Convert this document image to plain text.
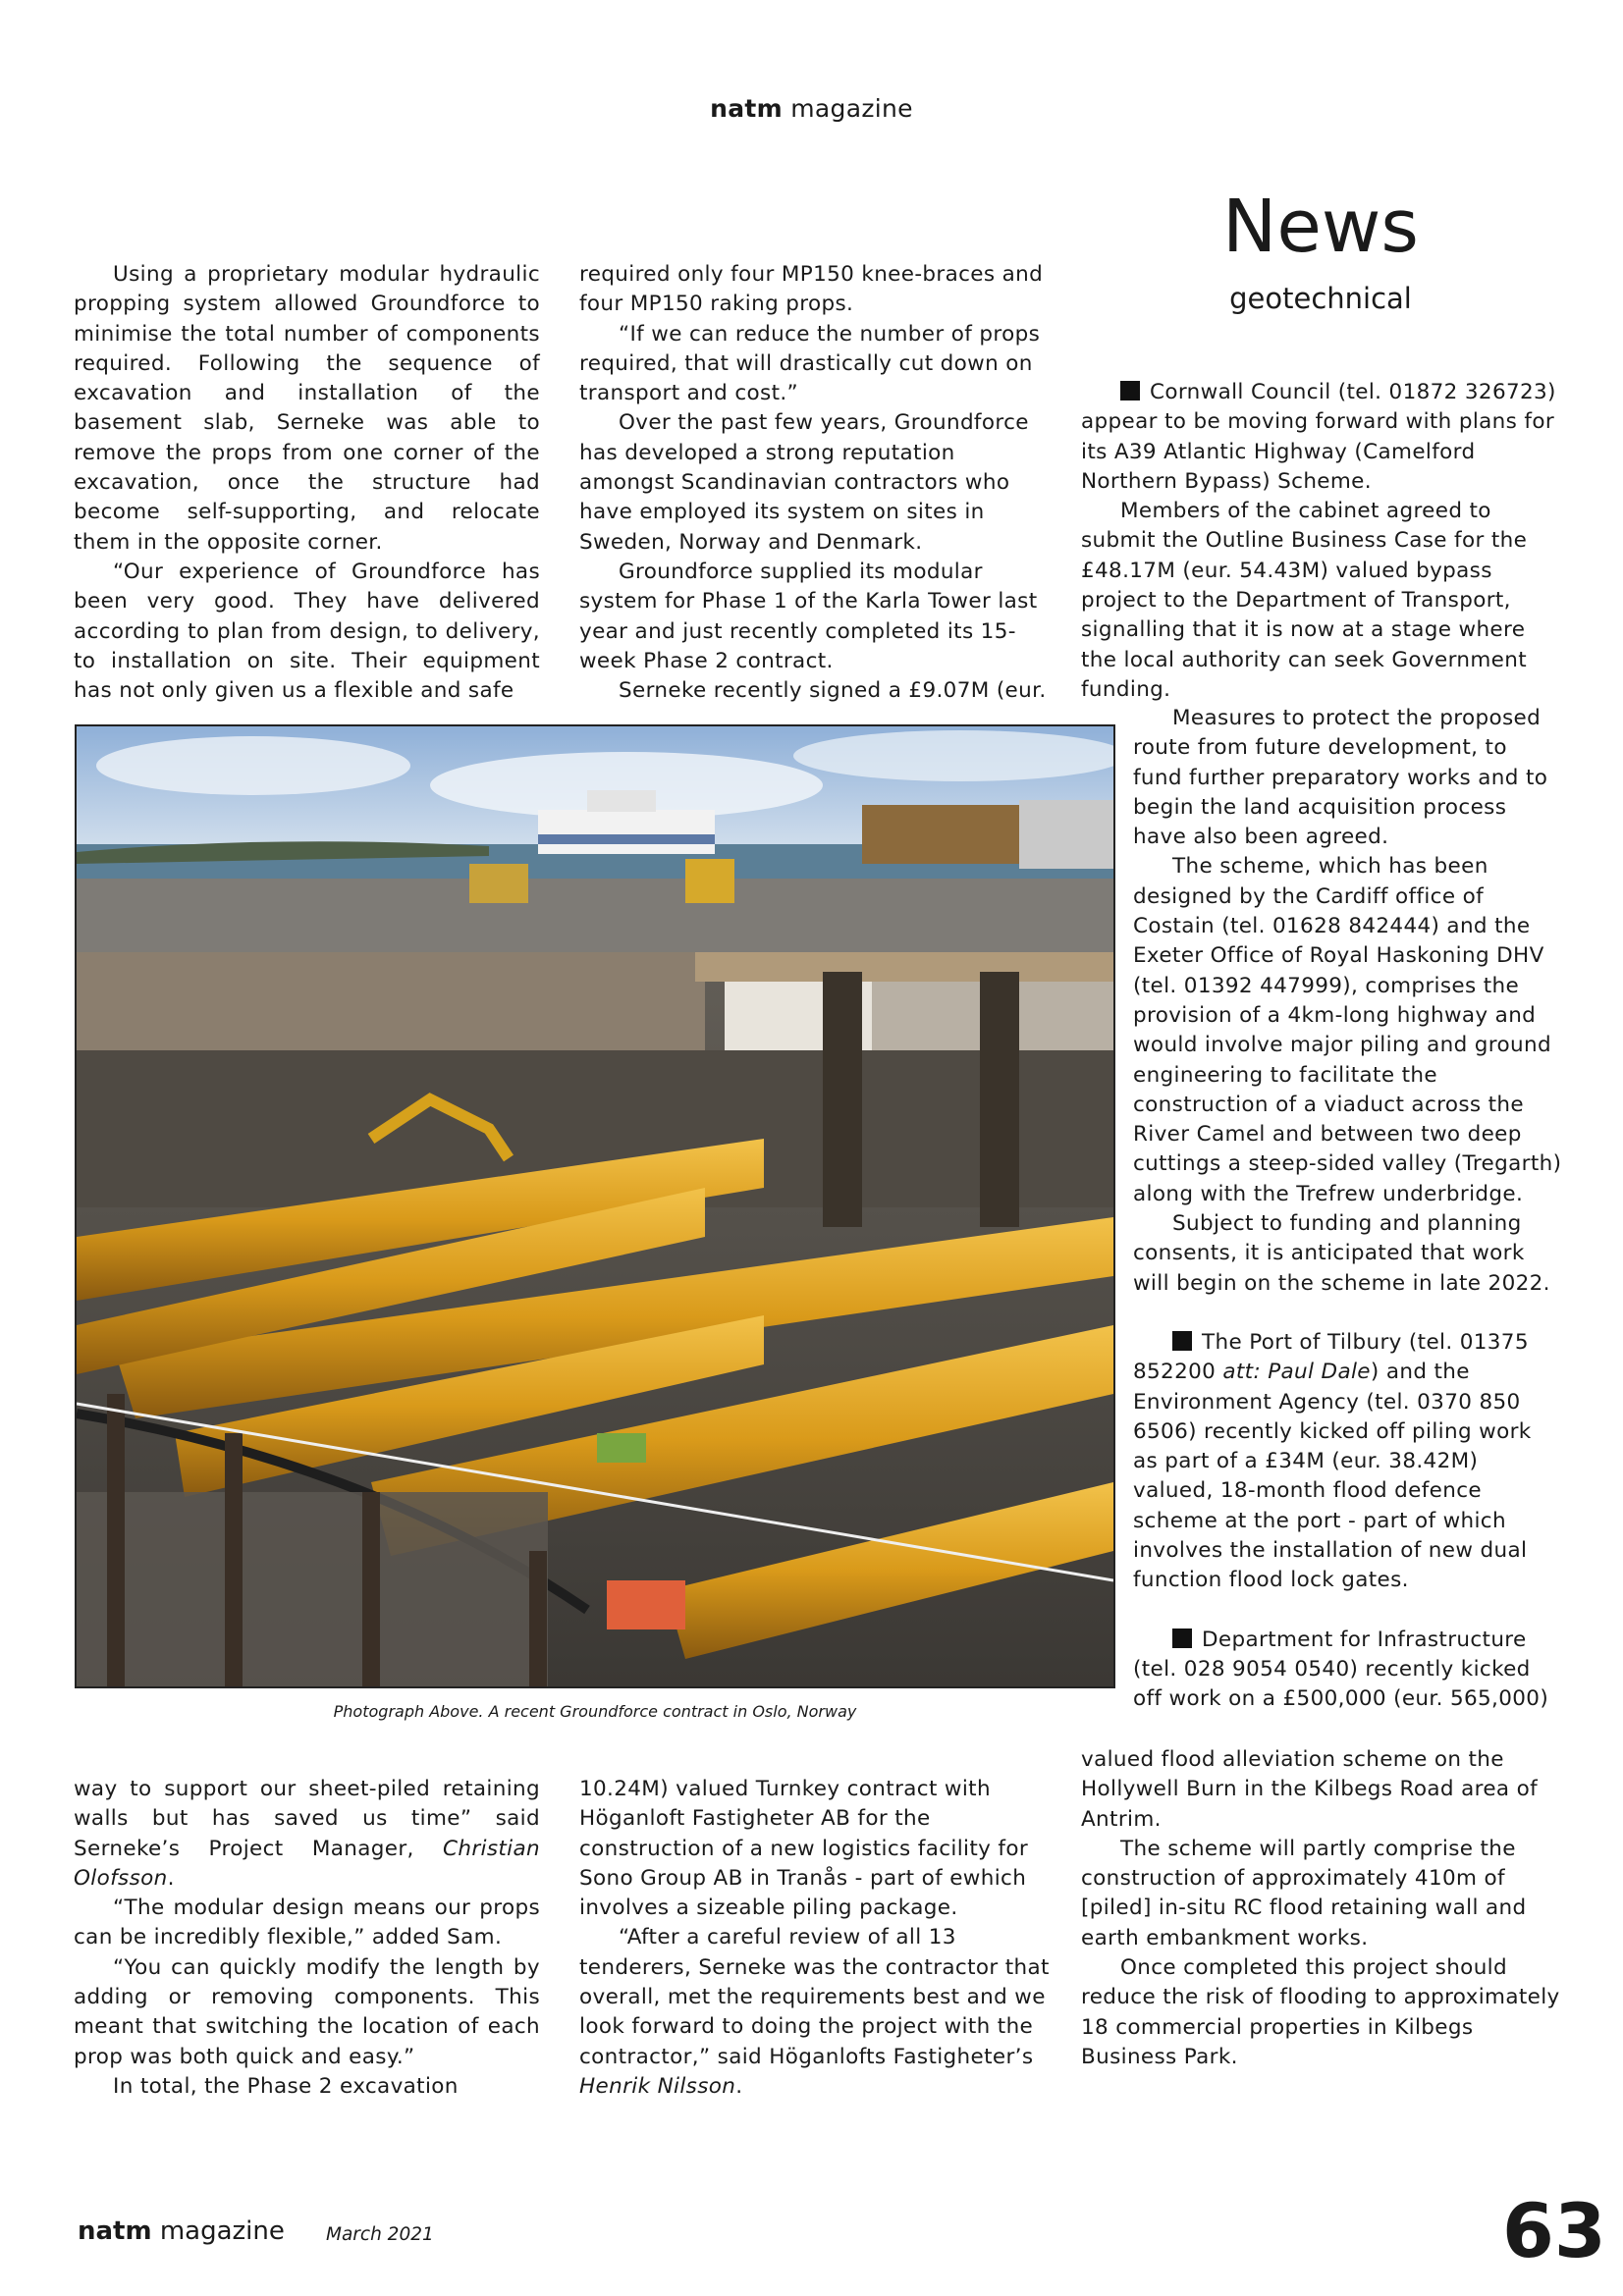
natm magazine
News
geotechnical

Using a proprietary modular hydraulic propping system allowed Groundforce to minimise the total number of components required. Following the sequence of excavation and installation of the basement slab, Serneke was able to remove the props from one corner of the excavation, once the structure had become self-supporting, and relocate them in the opposite corner.

“Our experience of Groundforce has been very good. They have delivered according to plan from design, to delivery, to installation on site. Their equipment has not only given us a flexible and safe

required only four MP150 knee-braces and four MP150 raking props.

“If we can reduce the number of props required, that will drastically cut down on transport and cost.”

Over the past few years, Groundforce has developed a strong reputation amongst Scandinavian contractors who have employed its system on sites in Sweden, Norway and Denmark.

Groundforce supplied its modular system for Phase 1 of the Karla Tower last year and just recently completed its 15-week Phase 2 contract.

Serneke recently signed a £9.07M (eur.

Cornwall Council (tel. 01872 326723) appear to be moving forward with plans for its A39 Atlantic Highway (Camelford Northern Bypass) Scheme.

Members of the cabinet agreed to submit the Outline Business Case for the £48.17M (eur. 54.43M) valued bypass project to the Department of Transport, signalling that it is now at a stage where the local authority can seek Government funding.

Measures to protect the proposed route from future development, to fund further preparatory works and to begin the land acquisition process have also been agreed.

The scheme, which has been designed by the Cardiff office of Costain (tel. 01628 842444) and the Exeter Office of Royal Haskoning DHV (tel. 01392 447999), comprises the provision of a 4km-long highway and would involve major piling and ground engineering to facilitate the construction of a viaduct across the River Camel and between two deep cuttings a steep-sided valley (Tregarth) along with the Trefrew underbridge.

Subject to funding and planning consents, it is anticipated that work will begin on the scheme in late 2022.

The Port of Tilbury (tel. 01375 852200 att: Paul Dale) and the Environment Agency (tel. 0370 850 6506) recently kicked off piling work as part of a £34M (eur. 38.42M) valued, 18-month flood defence scheme at the port - part of which involves the installation of new dual function flood lock gates.

Department for Infrastructure (tel. 028 9054 0540) recently kicked off work on a £500,000 (eur. 565,000)

valued flood alleviation scheme on the Hollywell Burn in the Kilbegs Road area of Antrim.

The scheme will partly comprise the construction of approximately 410m of [piled] in-situ RC flood retaining wall and earth embankment works.

Once completed this project should reduce the risk of flooding to approximately 18 commercial properties in Kilbegs Business Park.

Photograph Above. A recent Groundforce contract in Oslo, Norway

way to support our sheet-piled retaining walls but has saved us time” said Serneke’s Project Manager, Christian Olofsson.

“The modular design means our props can be incredibly flexible,” added Sam.

“You can quickly modify the length by adding or removing components. This meant that switching the location of each prop was both quick and easy.”

In total, the Phase 2 excavation

10.24M) valued Turnkey contract with Höganloft Fastigheter AB for the construction of a new logistics facility for Sono Group AB in Tranås - part of ewhich involves a sizeable piling package.

“After a careful review of all 13 tenderers, Serneke was the contractor that overall, met the requirements best and we look forward to doing the project with the contractor,” said Höganlofts Fastigheter’s Henrik Nilsson.

natm magazine March 2021	63
